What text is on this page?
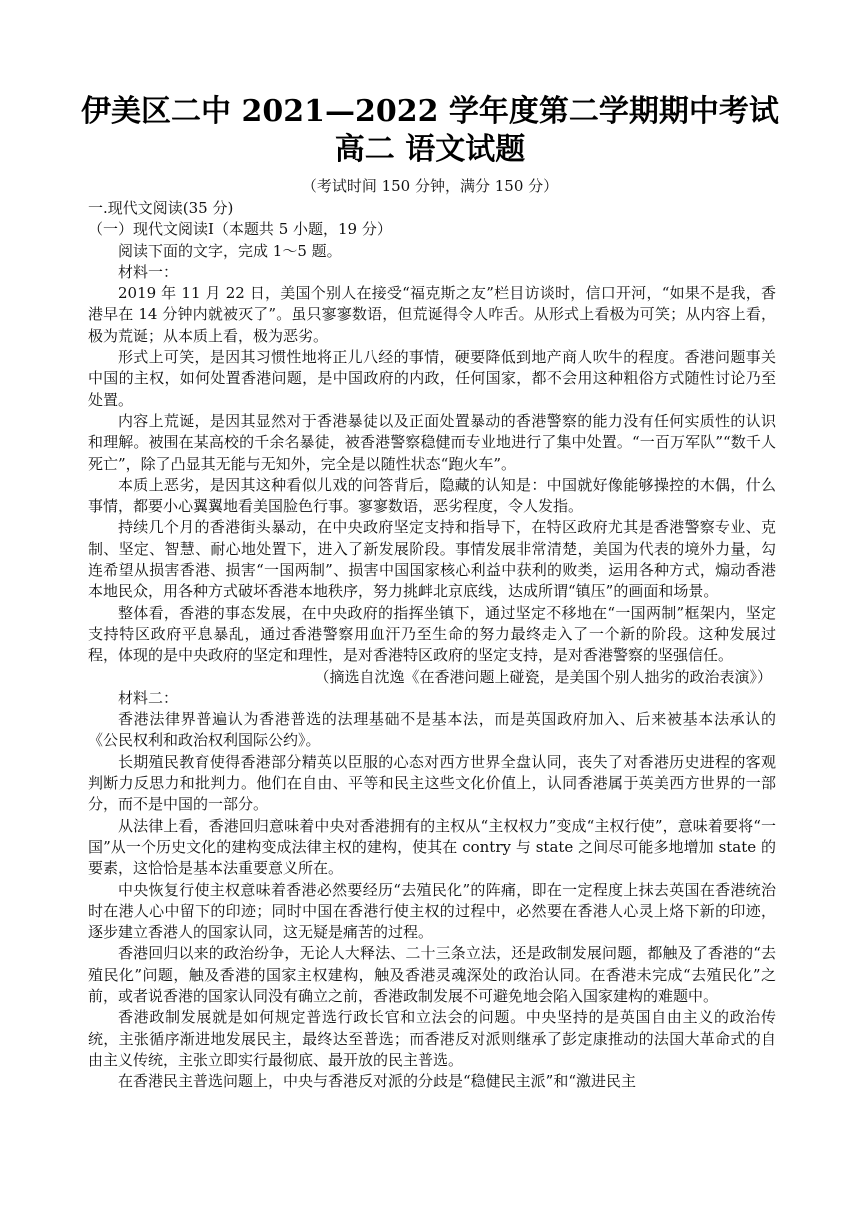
伊美区二中 2021—2022 学年度第二学期期中考试
高二 语文试题
（考试时间 150 分钟，满分 150 分）

一.现代文阅读(35 分)

（一）现代文阅读Ⅰ（本题共 5 小题，19 分）

阅读下面的文字，完成 1～5 题。

材料一：

2019 年 11 月 22 日，美国个别人在接受“福克斯之友”栏目访谈时，信口开河，“如果不是我，香港早在 14 分钟内就被灭了”。虽只寥寥数语，但荒诞得令人咋舌。从形式上看极为可笑；从内容上看，极为荒诞；从本质上看，极为恶劣。

形式上可笑，是因其习惯性地将正儿八经的事情，硬要降低到地产商人吹牛的程度。香港问题事关中国的主权，如何处置香港问题，是中国政府的内政，任何国家，都不会用这种粗俗方式随性讨论乃至处置。

内容上荒诞，是因其显然对于香港暴徒以及正面处置暴动的香港警察的能力没有任何实质性的认识和理解。被围在某高校的千余名暴徒，被香港警察稳健而专业地进行了集中处置。“一百万军队”“数千人死亡”，除了凸显其无能与无知外，完全是以随性状态“跑火车”。

本质上恶劣，是因其这种看似儿戏的问答背后，隐藏的认知是：中国就好像能够操控的木偶，什么事情，都要小心翼翼地看美国脸色行事。寥寥数语，恶劣程度，令人发指。

持续几个月的香港街头暴动，在中央政府坚定支持和指导下，在特区政府尤其是香港警察专业、克制、坚定、智慧、耐心地处置下，进入了新发展阶段。事情发展非常清楚，美国为代表的境外力量，勾连希望从损害香港、损害“一国两制”、损害中国国家核心利益中获利的败类，运用各种方式，煽动香港本地民众，用各种方式破坏香港本地秩序，努力挑衅北京底线，达成所谓“镇压”的画面和场景。

整体看，香港的事态发展，在中央政府的指挥坐镇下，通过坚定不移地在“一国两制”框架内，坚定支持特区政府平息暴乱，通过香港警察用血汗乃至生命的努力最终走入了一个新的阶段。这种发展过程，体现的是中央政府的坚定和理性，是对香港特区政府的坚定支持，是对香港警察的坚强信任。

（摘选自沈逸《在香港问题上碰瓷，是美国个别人拙劣的政治表演》）

材料二：

香港法律界普遍认为香港普选的法理基础不是基本法，而是英国政府加入、后来被基本法承认的《公民权利和政治权利国际公约》。

长期殖民教育使得香港部分精英以臣服的心态对西方世界全盘认同，丧失了对香港历史进程的客观判断力反思力和批判力。他们在自由、平等和民主这些文化价值上，认同香港属于英美西方世界的一部分，而不是中国的一部分。

从法律上看，香港回归意味着中央对香港拥有的主权从“主权权力”变成“主权行使”，意味着要将“一国”从一个历史文化的建构变成法律主权的建构，使其在 contry 与 state 之间尽可能多地增加 state 的要素，这恰恰是基本法重要意义所在。

中央恢复行使主权意味着香港必然要经历“去殖民化”的阵痛，即在一定程度上抹去英国在香港统治时在港人心中留下的印迹；同时中国在香港行使主权的过程中，必然要在香港人心灵上烙下新的印迹，逐步建立香港人的国家认同，这无疑是痛苦的过程。

香港回归以来的政治纷争，无论人大释法、二十三条立法，还是政制发展问题，都触及了香港的“去殖民化”问题，触及香港的国家主权建构，触及香港灵魂深处的政治认同。在香港未完成“去殖民化”之前，或者说香港的国家认同没有确立之前，香港政制发展不可避免地会陷入国家建构的难题中。

香港政制发展就是如何规定普选行政长官和立法会的问题。中央坚持的是英国自由主义的政治传统，主张循序渐进地发展民主，最终达至普选；而香港反对派则继承了彭定康推动的法国大革命式的自由主义传统，主张立即实行最彻底、最开放的民主普选。

在香港民主普选问题上，中央与香港反对派的分歧是“稳健民主派”和“激进民主
